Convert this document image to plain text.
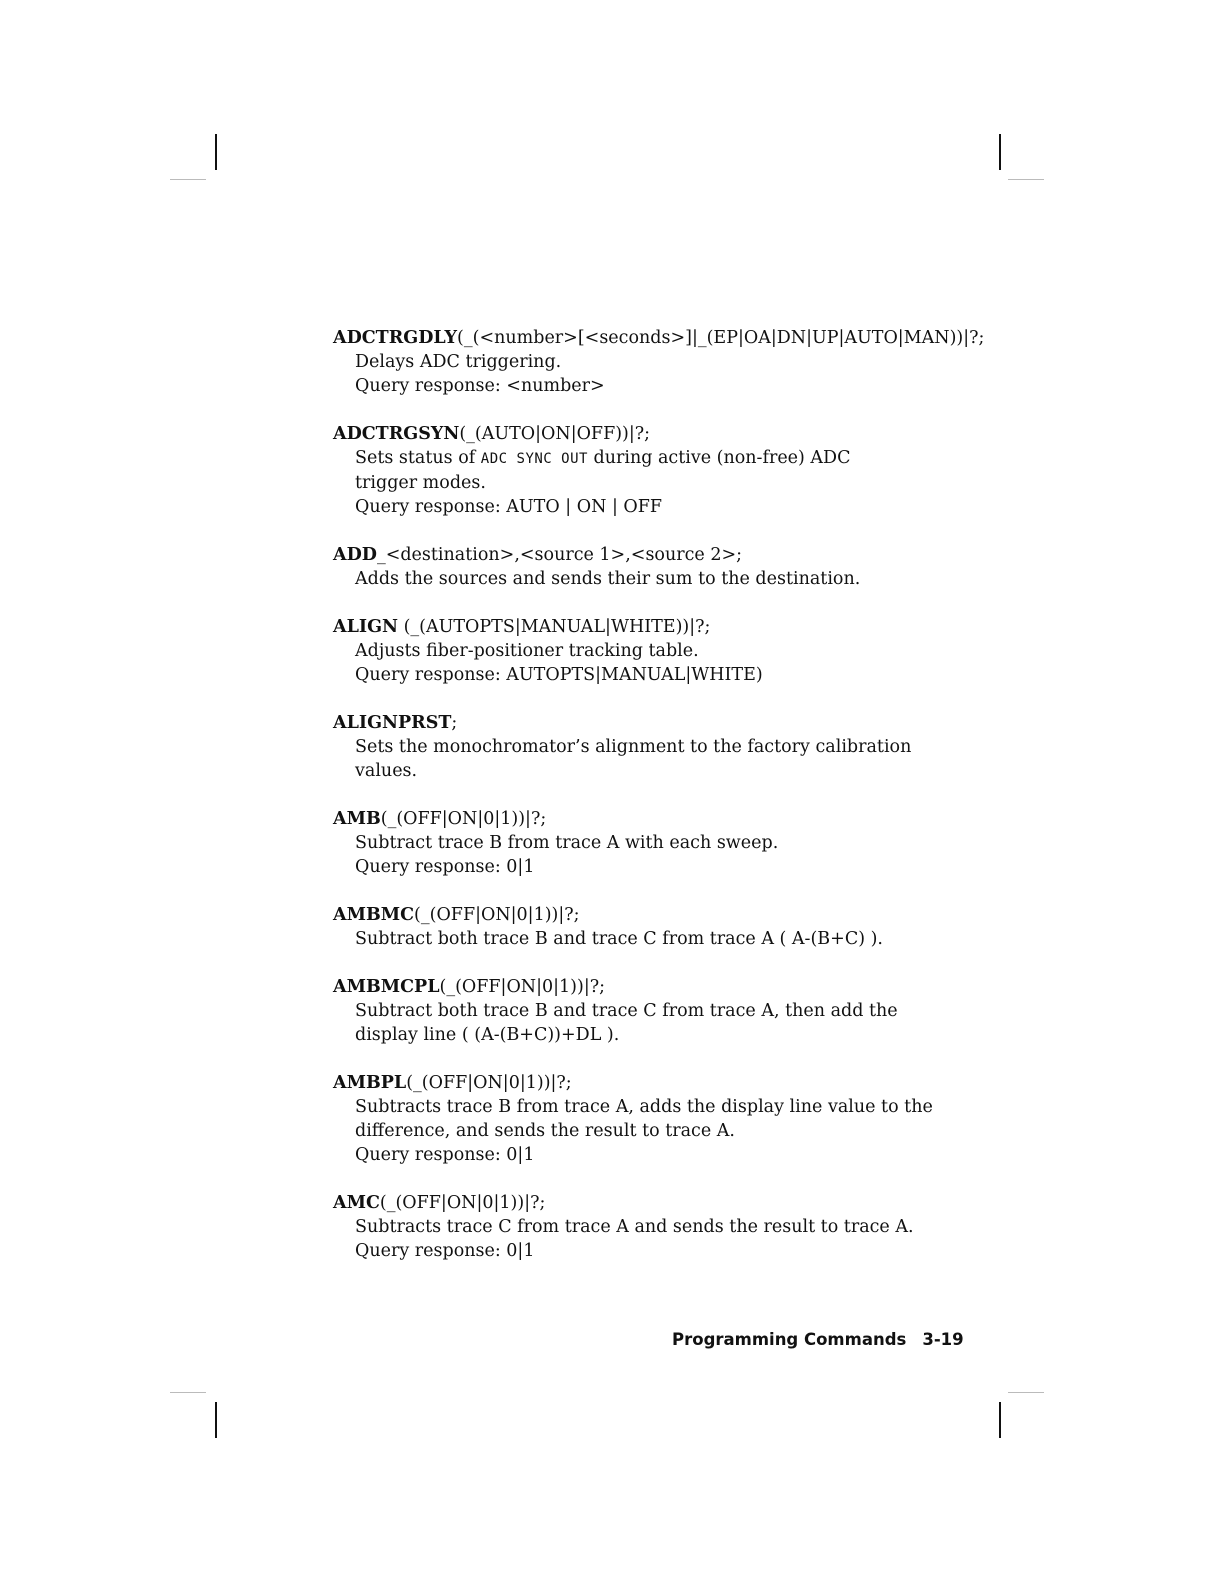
ADCTRGDLY(_(<number>[<seconds>]|_(EP|OA|DN|UP|AUTO|MAN))|?;
Delays ADC triggering.
Query response: <number>
ADCTRGSYN(_(AUTO|ON|OFF))|?;
Sets status of ADC SYNC OUT during active (non-free) ADC
trigger modes.
Query response: AUTO | ON | OFF
ADD_<destination>,<source 1>,<source 2>;
Adds the sources and sends their sum to the destination.
ALIGN (_(AUTOPTS|MANUAL|WHITE))|?;
Adjusts fiber-positioner tracking table.
Query response: AUTOPTS|MANUAL|WHITE)
ALIGNPRST;
Sets the monochromator’s alignment to the factory calibration
values.
AMB(_(OFF|ON|0|1))|?;
Subtract trace B from trace A with each sweep.
Query response: 0|1
AMBMC(_(OFF|ON|0|1))|?;
Subtract both trace B and trace C from trace A ( A-(B+C) ).
AMBMCPL(_(OFF|ON|0|1))|?;
Subtract both trace B and trace C from trace A, then add the
display line ( (A-(B+C))+DL ).
AMBPL(_(OFF|ON|0|1))|?;
Subtracts trace B from trace A, adds the display line value to the
difference, and sends the result to trace A.
Query response: 0|1
AMC(_(OFF|ON|0|1))|?;
Subtracts trace C from trace A and sends the result to trace A.
Query response: 0|1
Programming Commands 3-19
